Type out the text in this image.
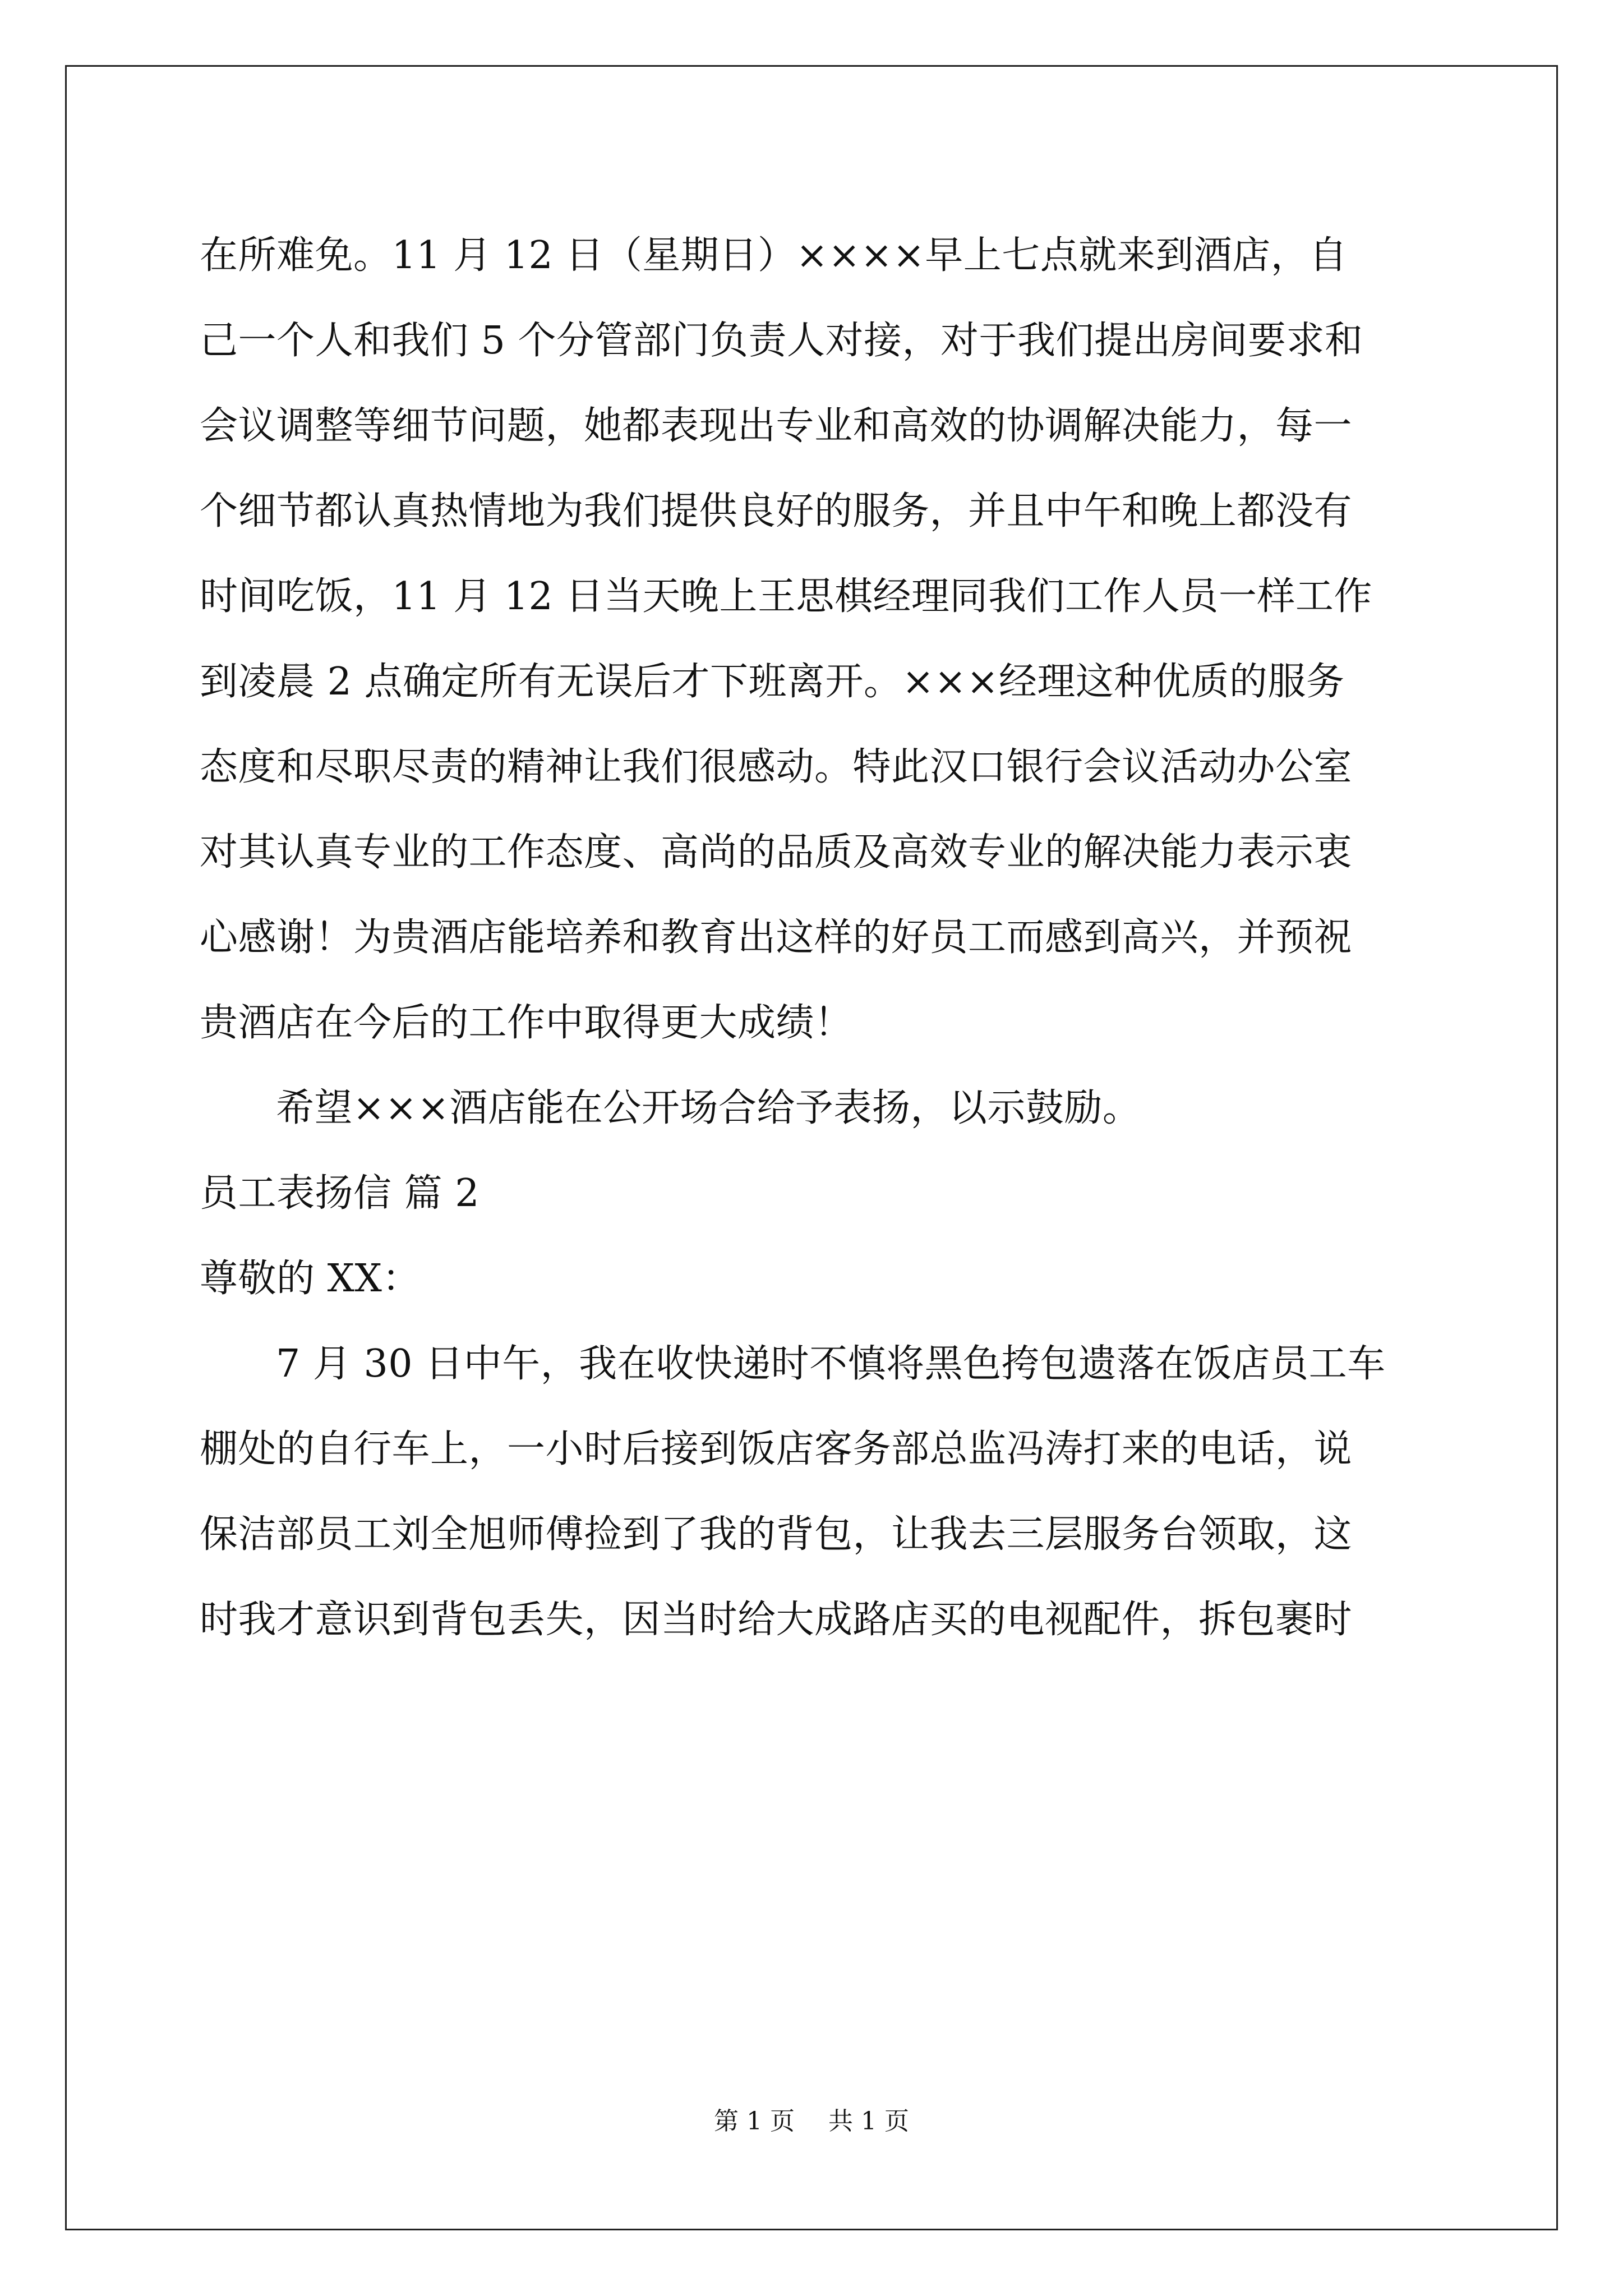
在所难免。11 月 12 日（星期日）××××早上七点就来到酒店，自
己一个人和我们 5 个分管部门负责人对接，对于我们提出房间要求和
会议调整等细节问题，她都表现出专业和高效的协调解决能力，每一
个细节都认真热情地为我们提供良好的服务，并且中午和晚上都没有
时间吃饭，11 月 12 日当天晚上王思棋经理同我们工作人员一样工作
到凌晨 2 点确定所有无误后才下班离开。×××经理这种优质的服务
态度和尽职尽责的精神让我们很感动。特此汉口银行会议活动办公室
对其认真专业的工作态度、高尚的品质及高效专业的解决能力表示衷
心感谢！为贵酒店能培养和教育出这样的好员工而感到高兴，并预祝
贵酒店在今后的工作中取得更大成绩！
希望×××酒店能在公开场合给予表扬，以示鼓励。
员工表扬信 篇 2
尊敬的 XX：
7 月 30 日中午，我在收快递时不慎将黑色挎包遗落在饭店员工车
棚处的自行车上，一小时后接到饭店客务部总监冯涛打来的电话，说
保洁部员工刘全旭师傅捡到了我的背包，让我去三层服务台领取，这
时我才意识到背包丢失，因当时给大成路店买的电视配件，拆包裹时
第 1 页 共 1 页
